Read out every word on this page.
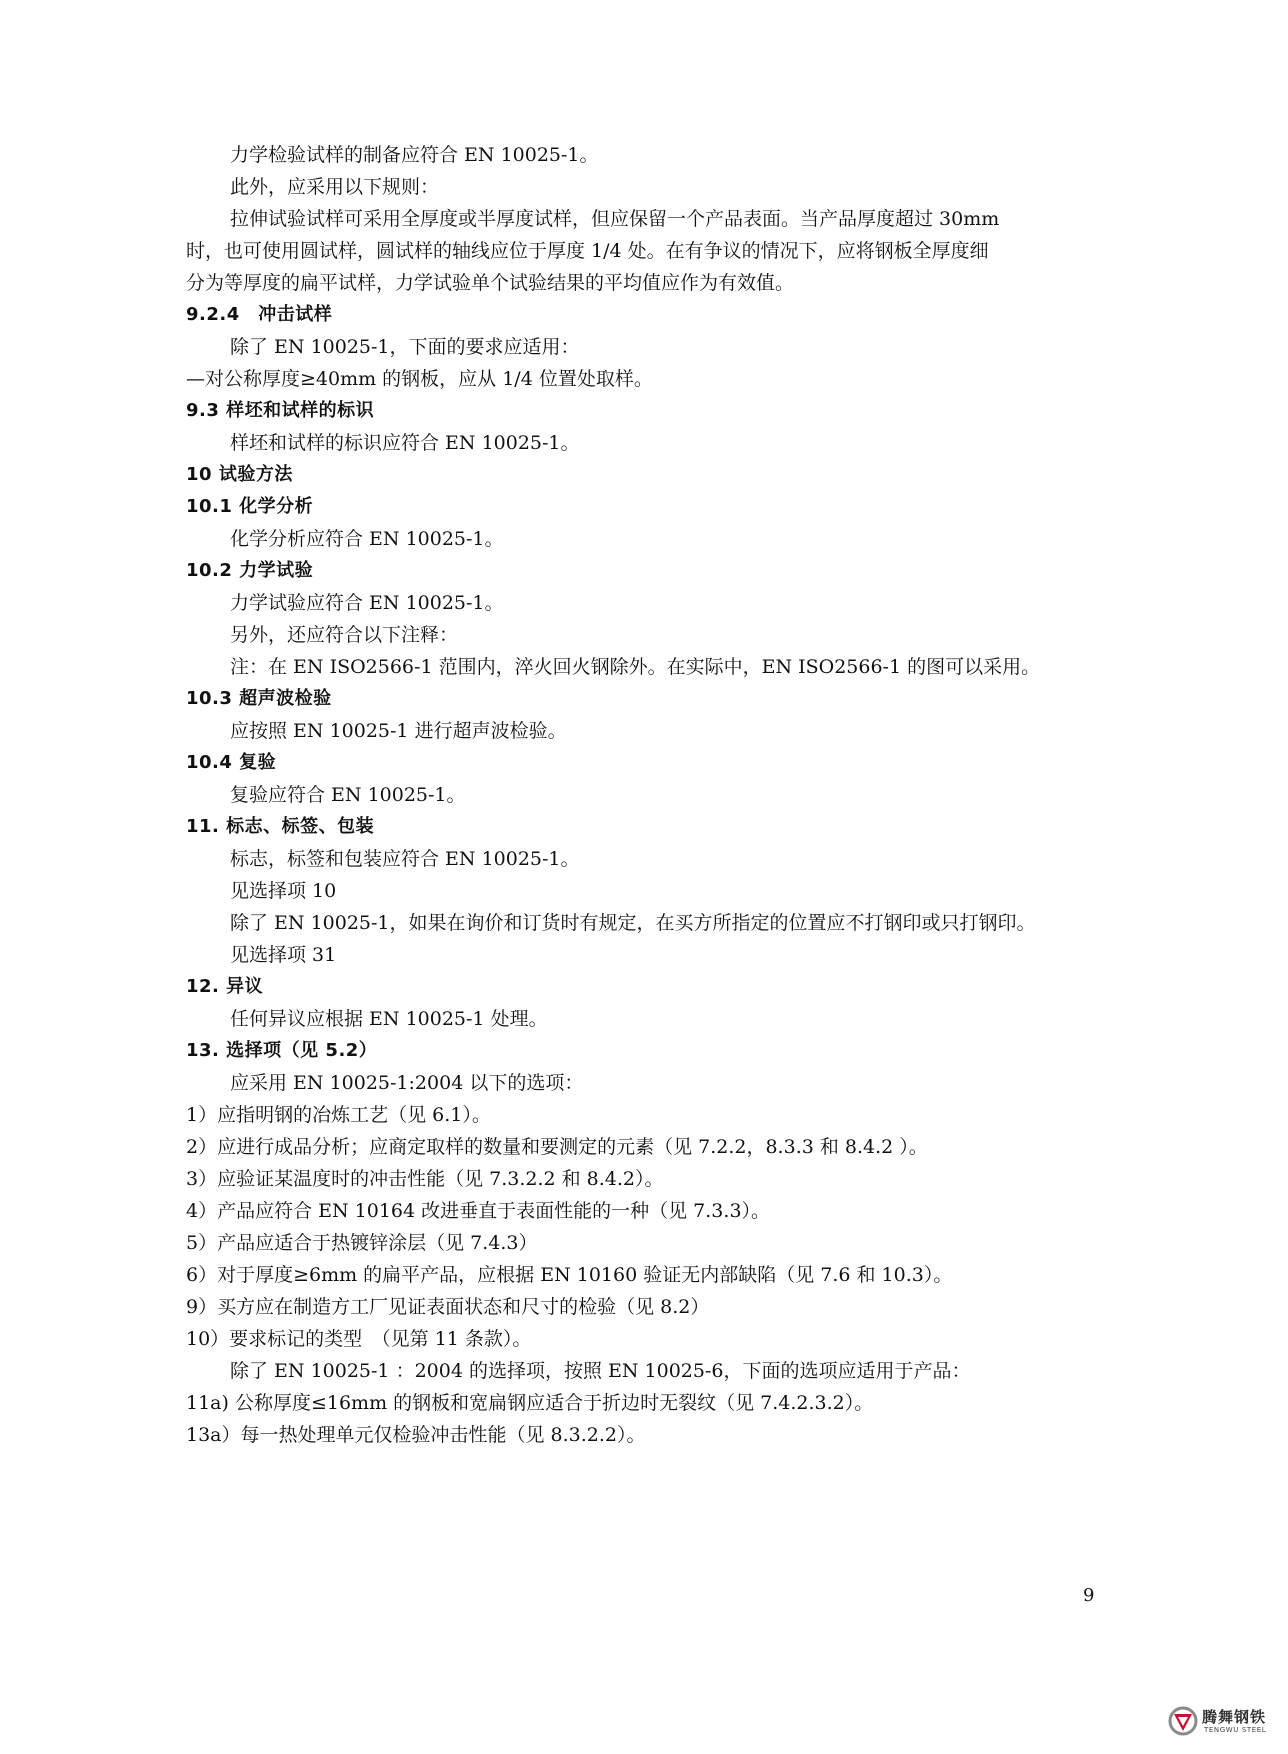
力学检验试样的制备应符合 EN 10025-1。
此外，应采用以下规则：
拉伸试验试样可采用全厚度或半厚度试样，但应保留一个产品表面。当产品厚度超过 30mm
时，也可使用圆试样，圆试样的轴线应位于厚度 1/4 处。在有争议的情况下，应将钢板全厚度细
分为等厚度的扁平试样，力学试验单个试验结果的平均值应作为有效值。
9.2.4　冲击试样
除了 EN 10025-1，下面的要求应适用：
—对公称厚度≥40mm 的钢板，应从 1/4 位置处取样。
9.3 样坯和试样的标识
样坯和试样的标识应符合 EN 10025-1。
10 试验方法
10.1 化学分析
化学分析应符合 EN 10025-1。
10.2 力学试验
力学试验应符合 EN 10025-1。
另外，还应符合以下注释：
注：在 EN ISO2566-1 范围内，淬火回火钢除外。在实际中，EN ISO2566-1 的图可以采用。
10.3 超声波检验
应按照 EN 10025-1 进行超声波检验。
10.4 复验
复验应符合 EN 10025-1。
11. 标志、标签、包装
标志，标签和包装应符合 EN 10025-1。
见选择项 10
除了 EN 10025-1，如果在询价和订货时有规定，在买方所指定的位置应不打钢印或只打钢印。
见选择项 31
12. 异议
任何异议应根据 EN 10025-1 处理。
13. 选择项（见 5.2）
应采用 EN 10025-1:2004 以下的选项：
1）应指明钢的冶炼工艺（见 6.1）。
2）应进行成品分析；应商定取样的数量和要测定的元素（见 7.2.2，8.3.3 和 8.4.2 ）。
3）应验证某温度时的冲击性能（见 7.3.2.2 和 8.4.2）。
4）产品应符合 EN 10164 改进垂直于表面性能的一种（见 7.3.3）。
5）产品应适合于热镀锌涂层（见 7.4.3）
6）对于厚度≥6mm 的扁平产品，应根据 EN 10160 验证无内部缺陷（见 7.6 和 10.3）。
9）买方应在制造方工厂见证表面状态和尺寸的检验（见 8.2）
10）要求标记的类型　（见第 11 条款）。
除了 EN 10025-1 ：2004 的选择项，按照 EN 10025-6，下面的选项应适用于产品：
11a) 公称厚度≤16mm 的钢板和宽扁钢应适合于折边时无裂纹（见 7.4.2.3.2）。
13a）每一热处理单元仅检验冲击性能（见 8.3.2.2）。
9
腾舞钢铁
TENGWU STEEL
